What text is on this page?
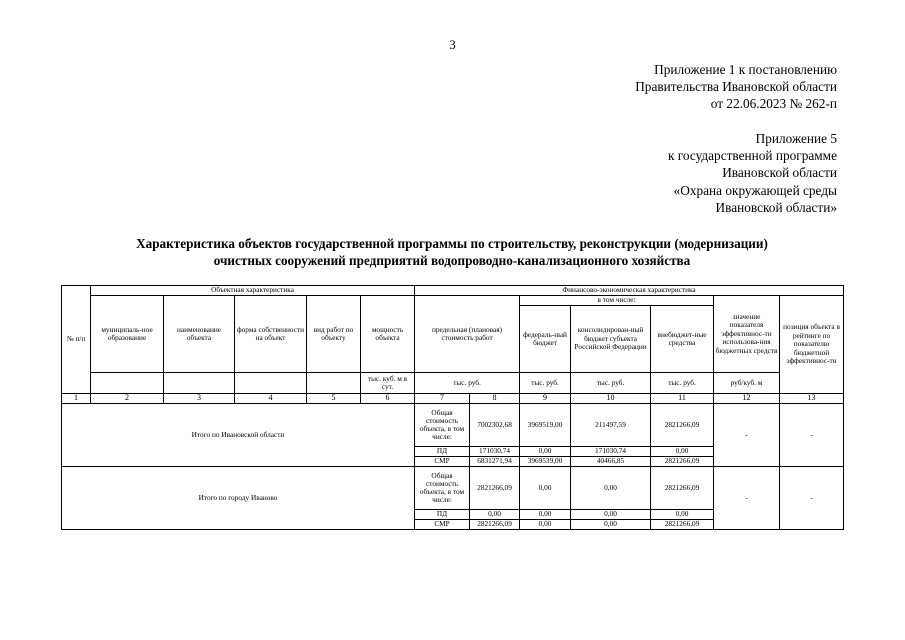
3
Приложение 1 к постановлению
Правительства Ивановской области
от 22.06.2023 № 262-п
Приложение 5
к государственной программе
Ивановской области
«Охрана окружающей среды
Ивановской области»
Характеристика объектов государственной программы по строительству, реконструкции (модернизации)
очистных сооружений предприятий водопроводно-канализационного хозяйства
№ п/п	Объектная характеристика					Финансово-экономическая характеристика						
	муниципаль-ное образование	наименование объекта	форма собственности на объект	вид работ по объекту	мощность объекта	предельная (плановая) стоимость работ		в том числе:			значение показателя эффективнос-ти использова-ния бюджетных средств	позиция объекта в рейтинге по показателю бюджетной эффективнос-ти
								федераль-ный бюджет	консолидирован-ный бюджет субъекта Российской Федерации	внебюджет-ные средства		
					тыс. куб. м в сут.	тыс. руб.		тыс. руб.	тыс. руб.	тыс. руб.	руб/куб. м	
1	2	3	4	5	6	7	8	9	10	11	12	13
Итого по Ивановской области						Общая стоимость объекта, в том числе:	7002302,68	3969519,00	211497,59	2821266,09	-	-
						ПД	171030,74	0,00	171030,74	0,00		
						СМР	6831271,94	3969539,00	40466,85	2821266,09		
Итого по городу Иваново						Общая стоимость объекта, в том числе:	2821266,09	0,00	0,00	2821266,09	-	-
						ПД	0,00	0,00	0,00	0,00		
						СМР	2821266,09	0,00	0,00	2821266,09		
